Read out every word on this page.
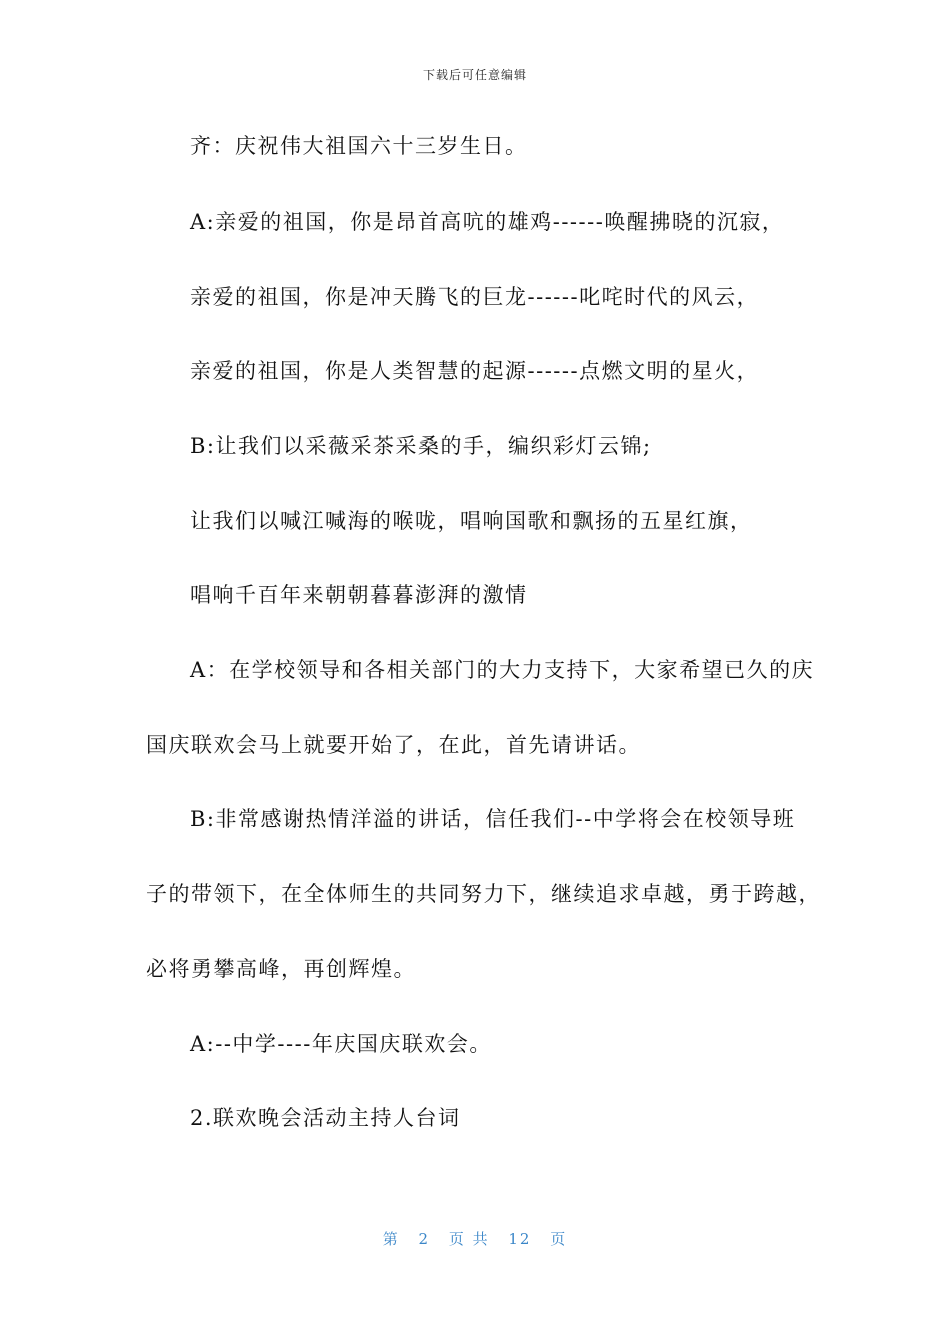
下载后可任意编辑
齐：庆祝伟大祖国六十三岁生日。
A:亲爱的祖国，你是昂首高吭的雄鸡------唤醒拂晓的沉寂，
亲爱的祖国，你是冲天腾飞的巨龙------叱咤时代的风云，
亲爱的祖国，你是人类智慧的起源------点燃文明的星火，
B:让我们以采薇采茶采桑的手，编织彩灯云锦;
让我们以喊江喊海的喉咙，唱响国歌和飘扬的五星红旗，
唱响千百年来朝朝暮暮澎湃的激情
A：在学校领导和各相关部门的大力支持下，大家希望已久的庆
国庆联欢会马上就要开始了，在此，首先请讲话。
B:非常感谢热情洋溢的讲话，信任我们--中学将会在校领导班
子的带领下，在全体师生的共同努力下，继续追求卓越，勇于跨越，
必将勇攀高峰，再创辉煌。
A:--中学----年庆国庆联欢会。
2.联欢晚会活动主持人台词
第 2 页 共 12 页
